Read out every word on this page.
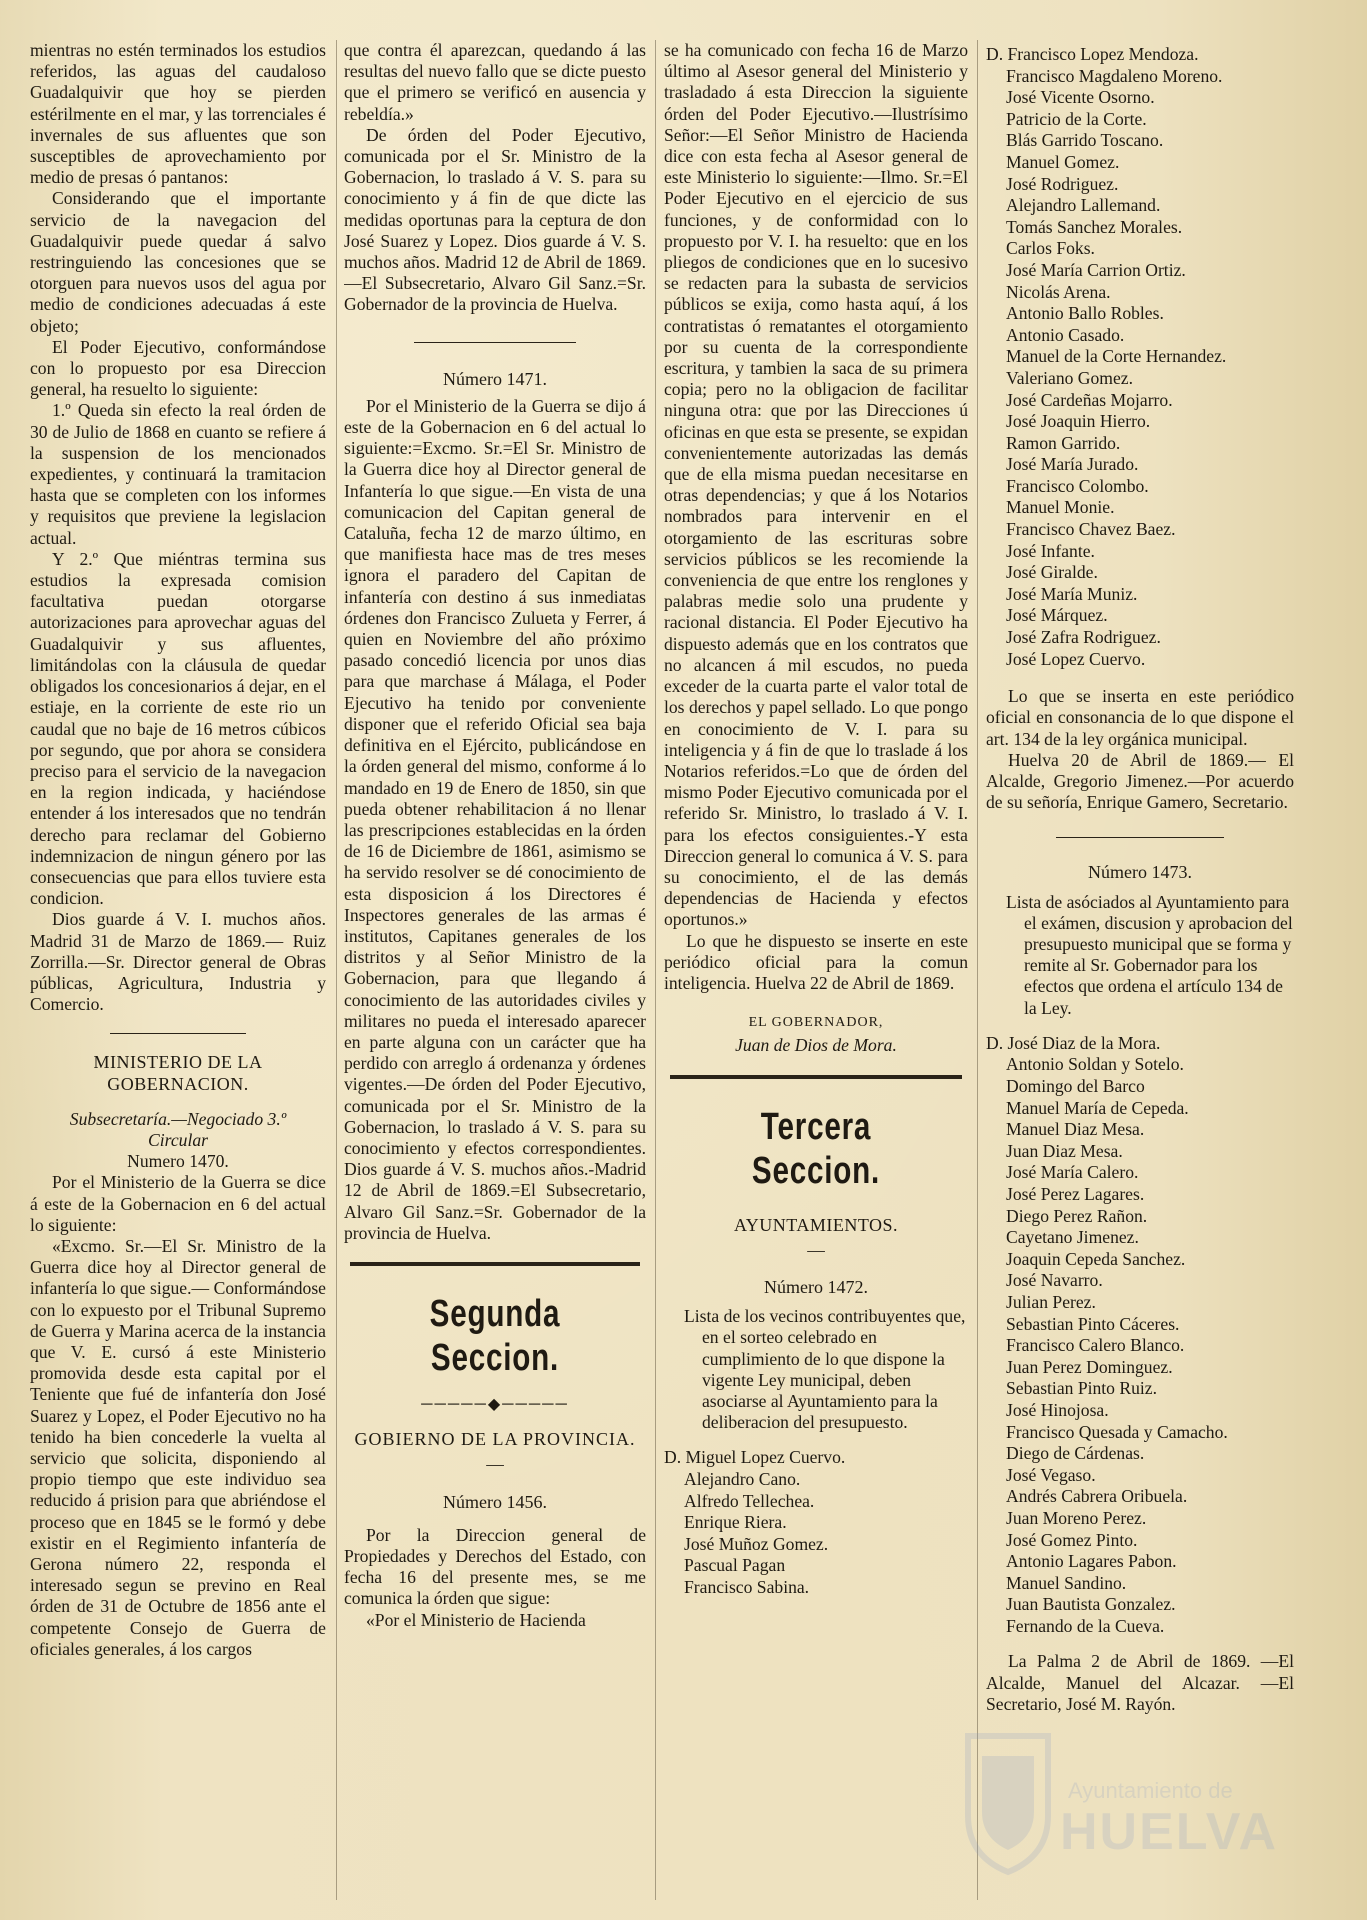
mientras no estén terminados los estudios referidos, las aguas del caudaloso Guadalquivir que hoy se pierden estérilmente en el mar, y las torrenciales é invernales de sus afluentes que son susceptibles de aprovechamiento por medio de presas ó pantanos:

Considerando que el importante servicio de la navegacion del Guadalquivir puede quedar á salvo restringuiendo las concesiones que se otorguen para nuevos usos del agua por medio de condiciones adecuadas á este objeto;

El Poder Ejecutivo, conformándose con lo propuesto por esa Direccion general, ha resuelto lo siguiente:

1.º Queda sin efecto la real órden de 30 de Julio de 1868 en cuanto se refiere á la suspension de los mencionados expedientes, y continuará la tramitacion hasta que se completen con los informes y requisitos que previene la legislacion actual.

Y 2.º Que miéntras termina sus estudios la expresada comision facultativa puedan otorgarse autorizaciones para aprovechar aguas del Guadalquivir y sus afluentes, limitándolas con la cláusula de quedar obligados los concesionarios á dejar, en el estiaje, en la corriente de este rio un caudal que no baje de 16 metros cúbicos por segundo, que por ahora se considera preciso para el servicio de la navegacion en la region indicada, y haciéndose entender á los interesados que no tendrán derecho para reclamar del Gobierno indemnizacion de ningun género por las consecuencias que para ellos tuviere esta condicion.

Dios guarde á V. I. muchos años. Madrid 31 de Marzo de 1869.— Ruiz Zorrilla.—Sr. Director general de Obras públicas, Agricultura, Industria y Comercio.

MINISTERIO DE LA GOBERNACION.

Subsecretaría.—Negociado 3.º

Circular

Numero 1470.

Por el Ministerio de la Guerra se dice á este de la Gobernacion en 6 del actual lo siguiente:

«Excmo. Sr.—El Sr. Ministro de la Guerra dice hoy al Director general de infantería lo que sigue.— Conformándose con lo expuesto por el Tribunal Supremo de Guerra y Marina acerca de la instancia que V. E. cursó á este Ministerio promovida desde esta capital por el Teniente que fué de infantería don José Suarez y Lopez, el Poder Ejecutivo no ha tenido ha bien concederle la vuelta al servicio que solicita, disponiendo al propio tiempo que este individuo sea reducido á prision para que abriéndose el proceso que en 1845 se le formó y debe existir en el Regimiento infantería de Gerona número 22, responda el interesado segun se previno en Real órden de 31 de Octubre de 1856 ante el competente Consejo de Guerra de oficiales generales, á los cargos

que contra él aparezcan, quedando á las resultas del nuevo fallo que se dicte puesto que el primero se verificó en ausencia y rebeldía.»

De órden del Poder Ejecutivo, comunicada por el Sr. Ministro de la Gobernacion, lo traslado á V. S. para su conocimiento y á fin de que dicte las medidas oportunas para la ceptura de don José Suarez y Lopez. Dios guarde á V. S. muchos años. Madrid 12 de Abril de 1869. —El Subsecretario, Alvaro Gil Sanz.=Sr. Gobernador de la provincia de Huelva.

Número 1471.

Por el Ministerio de la Guerra se dijo á este de la Gobernacion en 6 del actual lo siguiente:=Excmo. Sr.=El Sr. Ministro de la Guerra dice hoy al Director general de Infantería lo que sigue.—En vista de una comunicacion del Capitan general de Cataluña, fecha 12 de marzo último, en que manifiesta hace mas de tres meses ignora el paradero del Capitan de infantería con destino á sus inmediatas órdenes don Francisco Zulueta y Ferrer, á quien en Noviembre del año próximo pasado concedió licencia por unos dias para que marchase á Málaga, el Poder Ejecutivo ha tenido por conveniente disponer que el referido Oficial sea baja definitiva en el Ejército, publicándose en la órden general del mismo, conforme á lo mandado en 19 de Enero de 1850, sin que pueda obtener rehabilitacion á no llenar las prescripciones establecidas en la órden de 16 de Diciembre de 1861, asimismo se ha servido resolver se dé conocimiento de esta disposicion á los Directores é Inspectores generales de las armas é institutos, Capitanes generales de los distritos y al Señor Ministro de la Gobernacion, para que llegando á conocimiento de las autoridades civiles y militares no pueda el interesado aparecer en parte alguna con un carácter que ha perdido con arreglo á ordenanza y órdenes vigentes.—De órden del Poder Ejecutivo, comunicada por el Sr. Ministro de la Gobernacion, lo traslado á V. S. para su conocimiento y efectos correspondientes. Dios guarde á V. S. muchos años.-Madrid 12 de Abril de 1869.=El Subsecretario, Alvaro Gil Sanz.=Sr. Gobernador de la provincia de Huelva.

Segunda Seccion.

─────◆─────

GOBIERNO DE LA PROVINCIA.

—

Número 1456.

Por la Direccion general de Propiedades y Derechos del Estado, con fecha 16 del presente mes, se me comunica la órden que sigue:

«Por el Ministerio de Hacienda

se ha comunicado con fecha 16 de Marzo último al Asesor general del Ministerio y trasladado á esta Direccion la siguiente órden del Poder Ejecutivo.—Ilustrísimo Señor:—El Señor Ministro de Hacienda dice con esta fecha al Asesor general de este Ministerio lo siguiente:—Ilmo. Sr.=El Poder Ejecutivo en el ejercicio de sus funciones, y de conformidad con lo propuesto por V. I. ha resuelto: que en los pliegos de condiciones que en lo sucesivo se redacten para la subasta de servicios públicos se exija, como hasta aquí, á los contratistas ó rematantes el otorgamiento por su cuenta de la correspondiente escritura, y tambien la saca de su primera copia; pero no la obligacion de facilitar ninguna otra: que por las Direcciones ú oficinas en que esta se presente, se expidan convenientemente autorizadas las demás que de ella misma puedan necesitarse en otras dependencias; y que á los Notarios nombrados para intervenir en el otorgamiento de las escrituras sobre servicios públicos se les recomiende la conveniencia de que entre los renglones y palabras medie solo una prudente y racional distancia. El Poder Ejecutivo ha dispuesto además que en los contratos que no alcancen á mil escudos, no pueda exceder de la cuarta parte el valor total de los derechos y papel sellado. Lo que pongo en conocimiento de V. I. para su inteligencia y á fin de que lo traslade á los Notarios referidos.=Lo que de órden del mismo Poder Ejecutivo comunicada por el referido Sr. Ministro, lo traslado á V. I. para los efectos consiguientes.-Y esta Direccion general lo comunica á V. S. para su conocimiento, el de las demás dependencias de Hacienda y efectos oportunos.»

Lo que he dispuesto se inserte en este periódico oficial para la comun inteligencia. Huelva 22 de Abril de 1869.

EL GOBERNADOR,

Juan de Dios de Mora.

Tercera Seccion.

AYUNTAMIENTOS.

—

Número 1472.

Lista de los vecinos contribuyentes que, en el sorteo celebrado en cumplimiento de lo que dispone la vigente Ley municipal, deben asociarse al Ayuntamiento para la deliberacion del presupuesto.

D. Miguel Lopez Cuervo.
Alejandro Cano.
Alfredo Tellechea.
Enrique Riera.
José Muñoz Gomez.
Pascual Pagan
Francisco Sabina.
D. Francisco Lopez Mendoza.
Francisco Magdaleno Moreno.
José Vicente Osorno.
Patricio de la Corte.
Blás Garrido Toscano.
Manuel Gomez.
José Rodriguez.
Alejandro Lallemand.
Tomás Sanchez Morales.
Carlos Foks.
José María Carrion Ortiz.
Nicolás Arena.
Antonio Ballo Robles.
Antonio Casado.
Manuel de la Corte Hernandez.
Valeriano Gomez.
José Cardeñas Mojarro.
José Joaquin Hierro.
Ramon Garrido.
José María Jurado.
Francisco Colombo.
Manuel Monie.
Francisco Chavez Baez.
José Infante.
José Giralde.
José María Muniz.
José Márquez.
José Zafra Rodriguez.
José Lopez Cuervo.

Lo que se inserta en este periódico oficial en consonancia de lo que dispone el art. 134 de la ley orgánica municipal.

Huelva 20 de Abril de 1869.— El Alcalde, Gregorio Jimenez.—Por acuerdo de su señoría, Enrique Gamero, Secretario.

Número 1473.

Lista de asóciados al Ayuntamiento para el exámen, discusion y aprobacion del presupuesto municipal que se forma y remite al Sr. Gobernador para los efectos que ordena el artículo 134 de la Ley.

D. José Diaz de la Mora.
Antonio Soldan y Sotelo.
Domingo del Barco
Manuel María de Cepeda.
Manuel Diaz Mesa.
Juan Diaz Mesa.
José María Calero.
José Perez Lagares.
Diego Perez Rañon.
Cayetano Jimenez.
Joaquin Cepeda Sanchez.
José Navarro.
Julian Perez.
Sebastian Pinto Cáceres.
Francisco Calero Blanco.
Juan Perez Dominguez.
Sebastian Pinto Ruiz.
José Hinojosa.
Francisco Quesada y Camacho.
Diego de Cárdenas.
José Vegaso.
Andrés Cabrera Oribuela.
Juan Moreno Perez.
José Gomez Pinto.
Antonio Lagares Pabon.
Manuel Sandino.
Juan Bautista Gonzalez.
Fernando de la Cueva.

La Palma 2 de Abril de 1869. —El Alcalde, Manuel del Alcazar. —El Secretario, José M. Rayón.

Ayuntamiento de
HUELVA
